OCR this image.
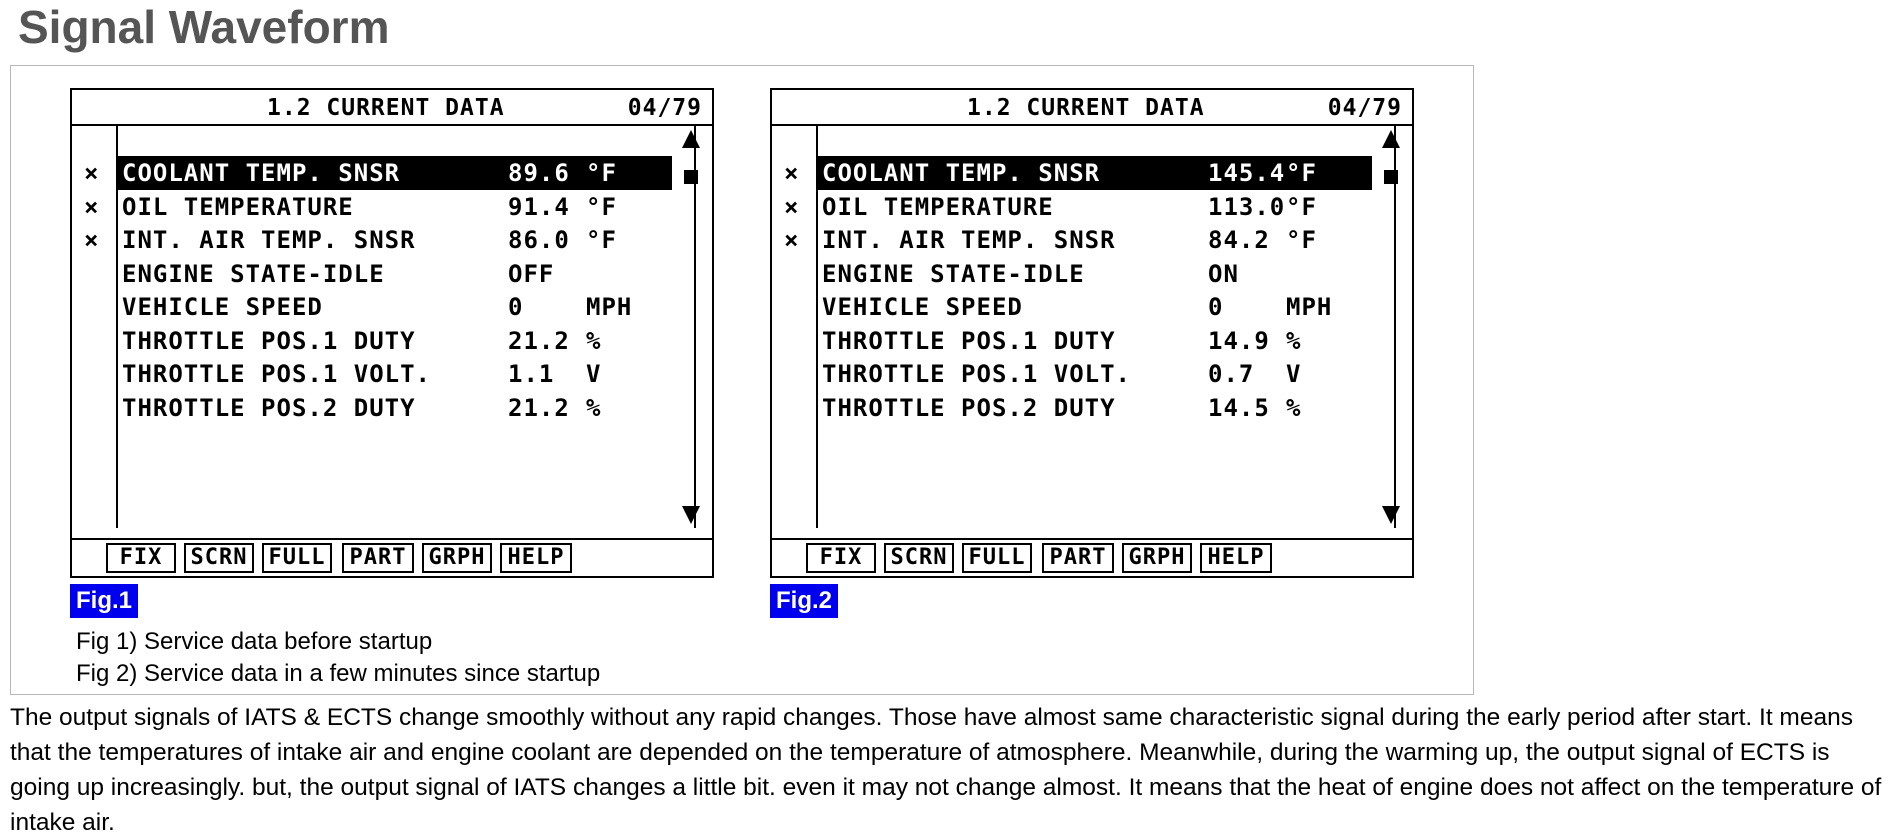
Signal Waveform
1.2 CURRENT DATA	04/79
×
×
×
COOLANT TEMP. SNSR	89.6 °F
OIL TEMPERATURE	91.4 °F
INT. AIR TEMP. SNSR	86.0 °F
ENGINE STATE-IDLE	OFF
VEHICLE SPEED	0	MPH
THROTTLE POS.1 DUTY	21.2 %
THROTTLE POS.1 VOLT.	1.1 V
THROTTLE POS.2 DUTY	21.2 %
FIX	SCRN FULL	PART	GRPH	HELP
1.2 CURRENT DATA	04/79
×
×
×
COOLANT TEMP. SNSR	145.4 °F
OIL TEMPERATURE	113.0 °F
INT. AIR TEMP. SNSR	84.2 °F
ENGINE STATE-IDLE	ON
VEHICLE SPEED	0	MPH
THROTTLE POS.1 DUTY	14.9 %
THROTTLE POS.1 VOLT.	0.7 V
THROTTLE POS.2 DUTY	14.5 %
FIX	SCRN FULL	PART	GRPH	HELP
Fig.1	Fig.2
Fig 1) Service data before startup
Fig 2) Service data in a few minutes since startup
The output signals of IATS & ECTS change smoothly without any rapid changes. Those have almost same characteristic signal during the early period after start. It means that the temperatures of intake air and engine coolant are depended on the temperature of atmosphere. Meanwhile, during the warming up, the output signal of ECTS is going up increasingly. but, the output signal of IATS changes a little bit. even it may not change almost. It means that the heat of engine does not affect on the temperature of intake air.
